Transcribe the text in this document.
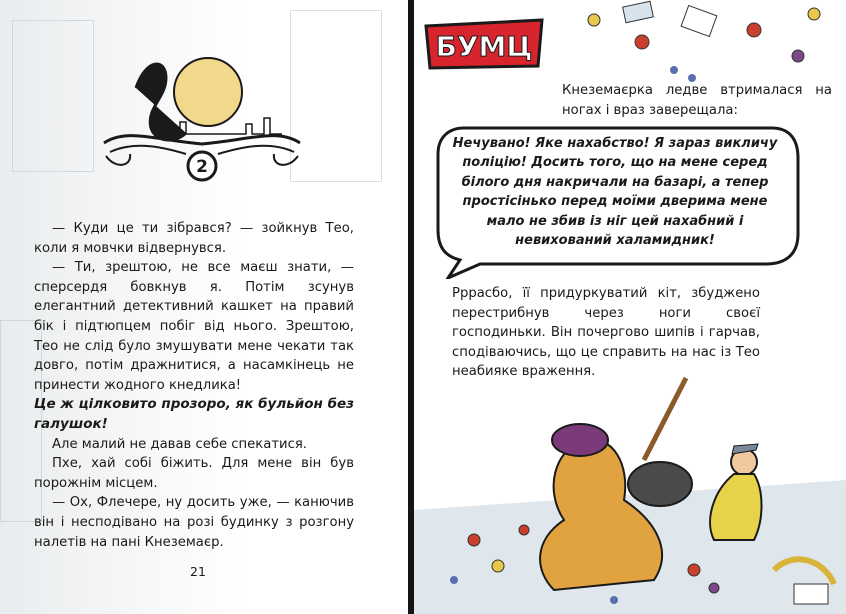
2

— Куди це ти зібрався? — зойкнув Тео, коли я мовчки відвернувся.

— Ти, зрештою, не все маєш знати, — сперсердя бовкнув я. Потім зсунув елегантний детективний кашкет на правий бік і підтюпцем побіг від нього. Зрештою, Тео не слід було змушувати мене чекати так довго, потім дражнитися, а насамкінець не принести жодного кнедлика!

Це ж цілковито прозоро, як бульйон без галушок!

Але малий не давав себе спекатися.

Пхе, хай собі біжить. Для мене він був порожнім місцем.

— Ох, Флечере, ну досить уже, — канючив він і несподівано на розі будинку з розгону налетів на пані Кнеземаєр.

21
Кнеземаєрка ледве втрималася на ногах і враз заверещала:
Рррасбо, її придуркуватий кіт, збуджено перестрибнув через ноги своєї господиньки. Він почергово шипів і гарчав, сподіваючись, що це справить на нас із Тео неабияке враження.
БУМЦ
Нечувано! Яке нахабство! Я зараз викличу поліцію! Досить того, що на мене серед білого дня накричали на базарі, а тепер простісінько перед моїми дверима мене мало не збив із ніг цей нахабний і невихований халамидник!
